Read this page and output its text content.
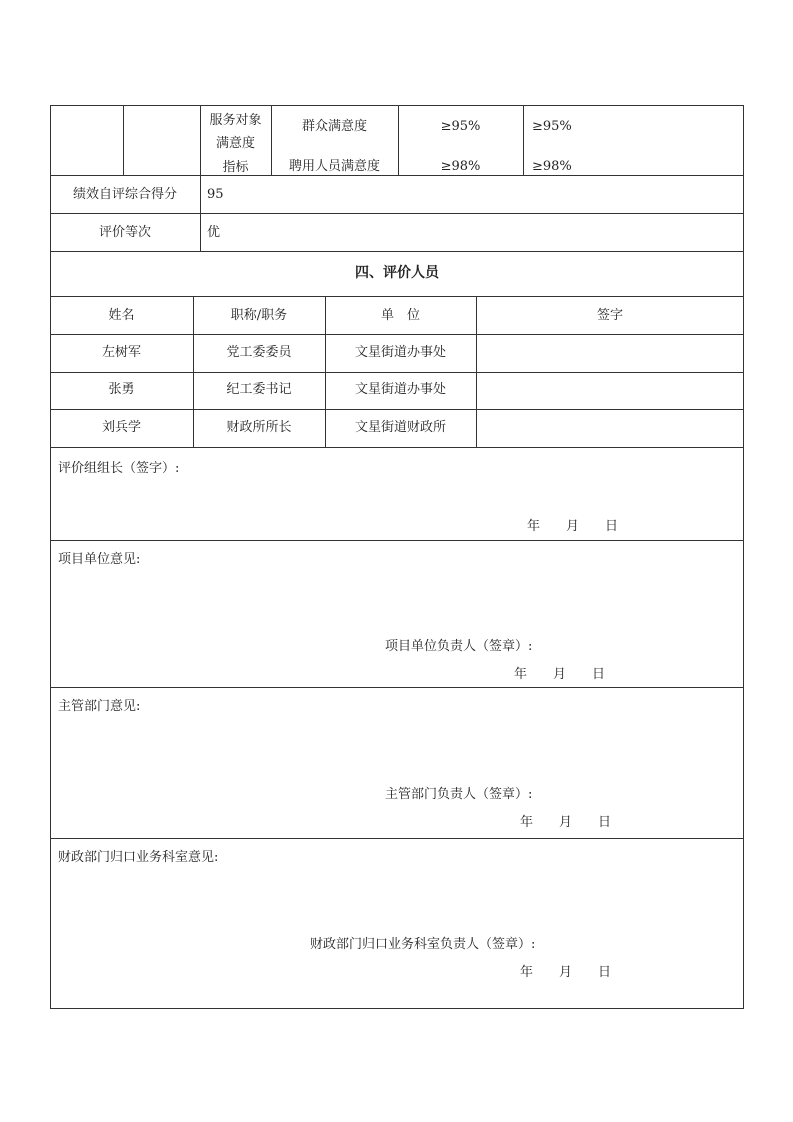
服务对象
满意度
指标
群众满意度	≥95%	≥95%
聘用人员满意度	≥98%	≥98%
绩效自评综合得分	95
评价等次	优
四、评价人员
姓名	职称/职务	单　位	签字
左树军	党工委委员	文星街道办事处
张勇	纪工委书记	文星街道办事处
刘兵学	财政所所长	文星街道财政所
评价组组长（签字）:
年　　月　　日
项目单位意见:
项目单位负责人（签章）:
年　　月　　日
主管部门意见:
主管部门负责人（签章）:
年　　月　　日
财政部门归口业务科室意见:
财政部门归口业务科室负责人（签章）:
年　　月　　日
